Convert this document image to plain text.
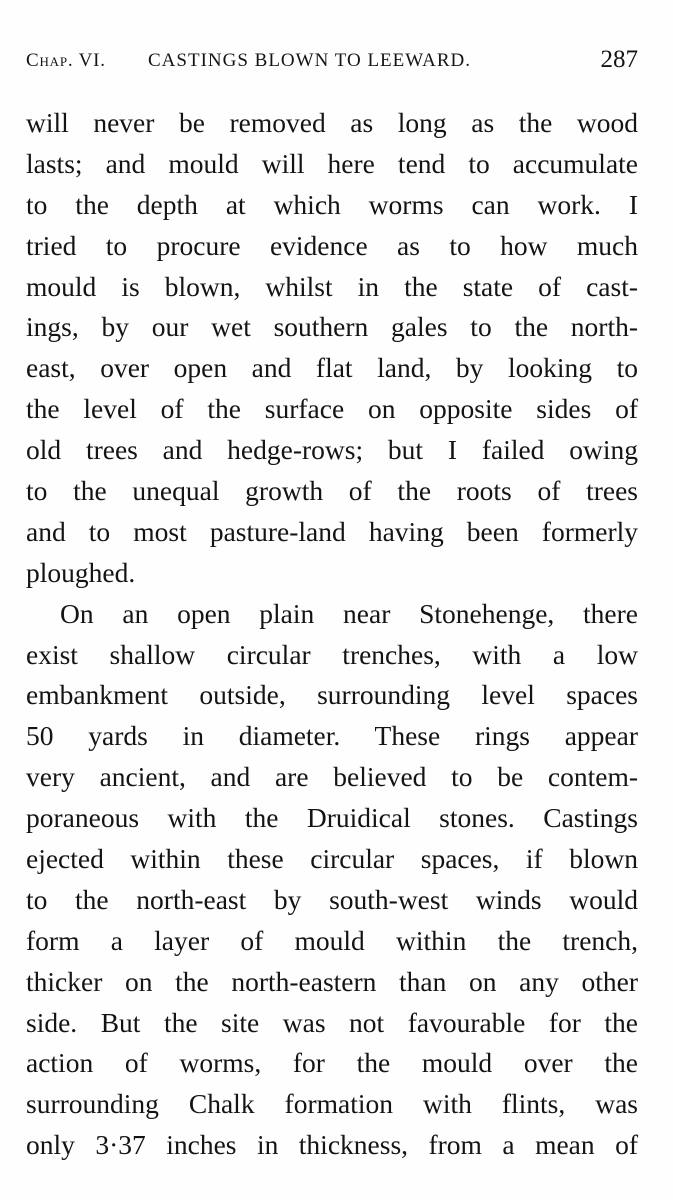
Chap. VI. CASTINGS BLOWN TO LEEWARD.	287
will never be removed as long as the wood
lasts; and mould will here tend to accumulate
to the depth at which worms can work. I
tried to procure evidence as to how much
mould is blown, whilst in the state of cast-
ings, by our wet southern gales to the north-
east, over open and flat land, by looking to
the level of the surface on opposite sides of
old trees and hedge-rows; but I failed owing
to the unequal growth of the roots of trees
and to most pasture-land having been formerly
ploughed.
On an open plain near Stonehenge, there
exist shallow circular trenches, with a low
embankment outside, surrounding level spaces
50 yards in diameter. These rings appear
very ancient, and are believed to be contem-
poraneous with the Druidical stones. Castings
ejected within these circular spaces, if blown
to the north-east by south-west winds would
form a layer of mould within the trench,
thicker on the north-eastern than on any other
side. But the site was not favourable for the
action of worms, for the mould over the
surrounding Chalk formation with flints, was
only 3·37 inches in thickness, from a mean of
